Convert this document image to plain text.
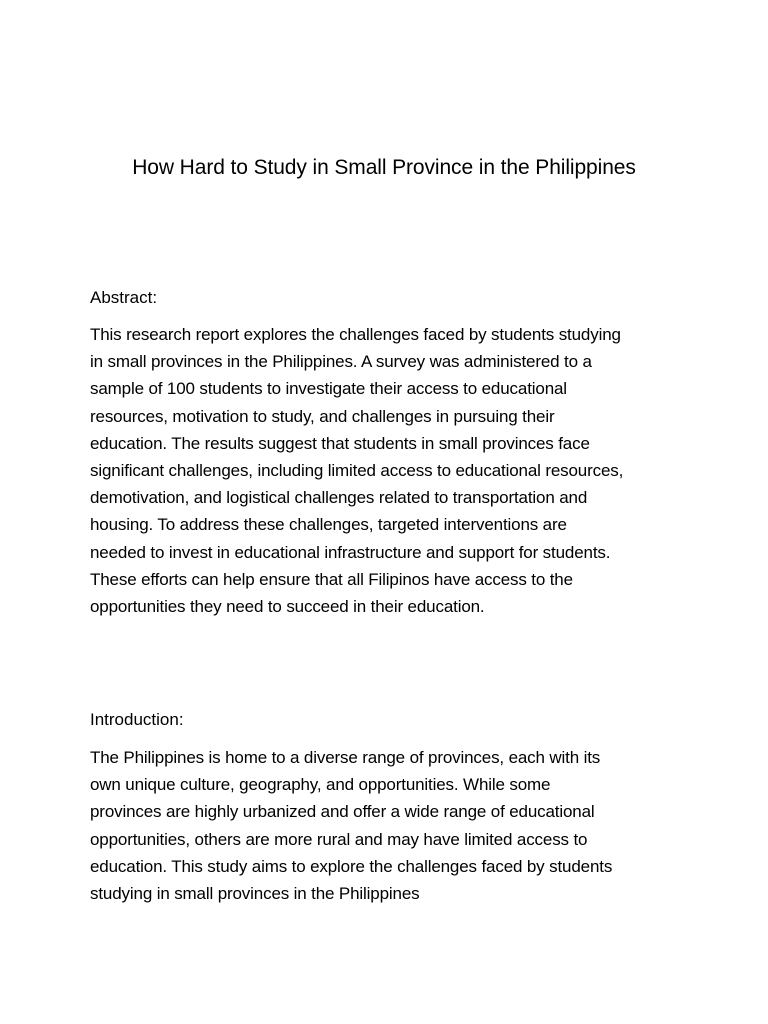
How Hard to Study in Small Province in the Philippines
Abstract:

This research report explores the challenges faced by students studying
in small provinces in the Philippines. A survey was administered to a
sample of 100 students to investigate their access to educational
resources, motivation to study, and challenges in pursuing their
education. The results suggest that students in small provinces face
significant challenges, including limited access to educational resources,
demotivation, and logistical challenges related to transportation and
housing. To address these challenges, targeted interventions are
needed to invest in educational infrastructure and support for students.
These efforts can help ensure that all Filipinos have access to the
opportunities they need to succeed in their education.

Introduction:

The Philippines is home to a diverse range of provinces, each with its
own unique culture, geography, and opportunities. While some
provinces are highly urbanized and offer a wide range of educational
opportunities, others are more rural and may have limited access to
education. This study aims to explore the challenges faced by students
studying in small provinces in the Philippines
